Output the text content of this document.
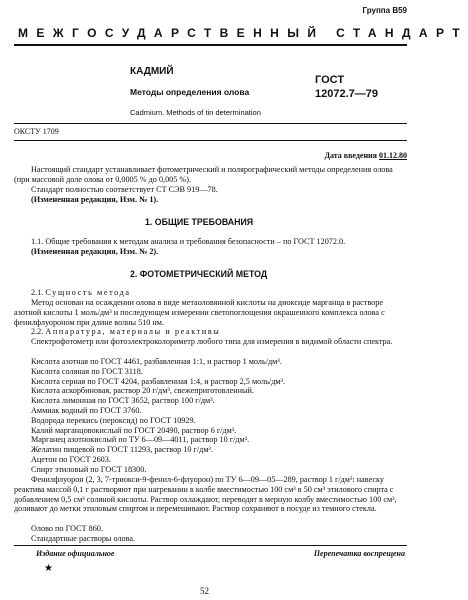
Группа В59
МЕЖГОСУДАРСТВЕННЫЙ СТАНДАРТ
КАДМИЙ
Методы определения олова
Cadmium. Methods of tin determination
ГОСТ
12072.7—79
ОКСТУ 1709
Дата введения 01.12.80
Настоящий стандарт устанавливает фотометрический и полярографический методы определения олова (при массовой доле олова от 0,0005 % до 0,005 %).
Стандарт полностью соответствует СТ СЭВ 919—78.
(Измененная редакция, Изм. № 1).
1. ОБЩИЕ ТРЕБОВАНИЯ
1.1. Общие требования к методам анализа и требования безопасности – по ГОСТ 12072.0.
(Измененная редакция, Изм. № 2).
2. ФОТОМЕТРИЧЕСКИЙ МЕТОД
2.1. Сущность метода
Метод основан на осаждении олова в виде метаоловянной кислоты на диоксиде марганца в растворе азотной кислоты 1 моль/дм³ и последующем измерении светопоглощения окрашенного комплекса олова с фенилфлуороном при длине волны 510 нм.
2.2. Аппаратура, материалы и реактивы
Спектрофотометр или фотоэлектроколориметр любого типа для измерения в видимой области спектра.
Кислота азотная по ГОСТ 4461, разбавленная 1:1, и раствор 1 моль/дм³.
Кислота соляная по ГОСТ 3118.
Кислота серная по ГОСТ 4204, разбавленная 1:4, и раствор 2,5 моль/дм³.
Кислота аскорбиновая, раствор 20 г/дм³, свежеприготовленный.
Кислота лимонная по ГОСТ 3652, раствор 100 г/дм³.
Аммиак водный по ГОСТ 3760.
Водорода перекись (пероксид) по ГОСТ 10929.
Калий марганцовокислый по ГОСТ 20490, раствор 6 г/дм³.
Марганец азотнокислый по ТУ 6—09—4011, раствор 10 г/дм³.
Желатин пищевой по ГОСТ 11293, раствор 10 г/дм³.
Ацетон по ГОСТ 2603.
Спирт этиловый по ГОСТ 18300.
Фенилфлуорон (2, 3, 7-триокси-9-фенил-6-флуорон) по ТУ 6—09—05—289, раствор 1 г/дм³: навеску реактива массой 0,1 г растворяют при нагревании в колбе вместимостью 100 см³ в 50 см³ этилового спирта с добавлением 0,5 см³ соляной кислоты. Раствор охлаждают, переводят в мерную колбу вместимостью 100 см³, доливают до метки этиловым спиртом и перемешивают. Раствор сохраняют в посуде из темного стекла.
Олово по ГОСТ 860.
Стандартные растворы олова.
Издание официальное	Перепечатка воспрещена
★
52
